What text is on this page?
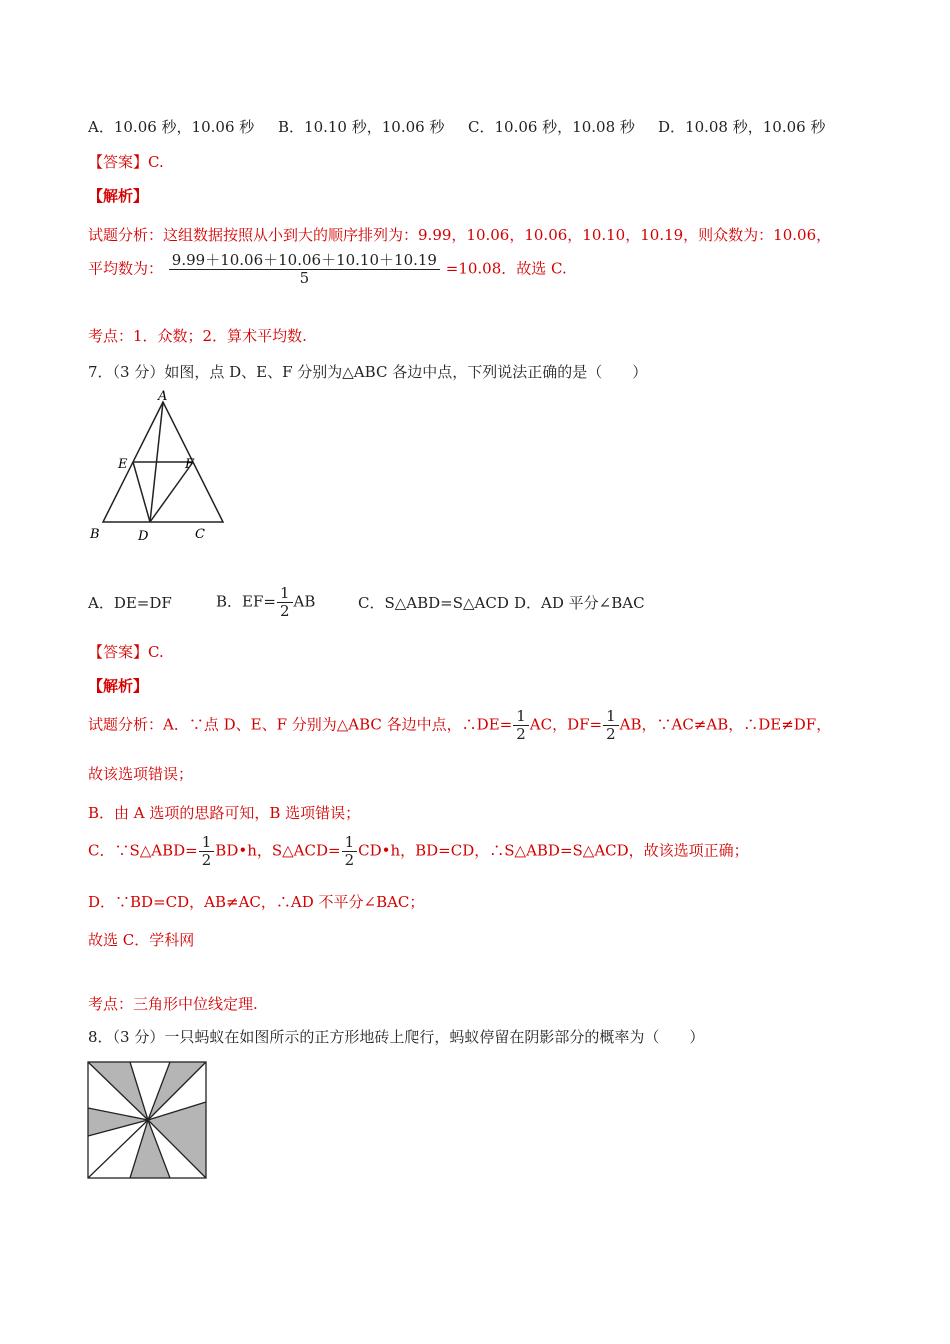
A．10.06 秒，10.06 秒 B．10.10 秒，10.06 秒 C．10.06 秒，10.08 秒 D．10.08 秒，10.06 秒
【答案】C.
【解析】
试题分析：这组数据按照从小到大的顺序排列为：9.99，10.06，10.06，10.10，10.19，则众数为：10.06，
平均数为： $\frac{9.99+10.06+10.06+10.10+10.19}{5} =10.08$．故选 C.
考点：1．众数；2．算术平均数.
7．（3 分）如图，点 D、E、F 分别为△ABC 各边中点，下列说法正确的是（　　）
A
E	F
B	D	C
A．DE=DF	B．$EF= \frac{1}{2}$ AB	C．S△ABD=S△ACD D．AD 平分∠BAC
【答案】C.
【解析】
试题分析：A．∵点 D、E、F 分别为△ABC 各边中点，∴DE= $\frac{1}{2}$ AC，$DF= \frac{1}{2}$ AB，∵AC≠AB，∴DE≠DF，
故该选项错误；
B．由 A 选项的思路可知，B 选项错误；
C．∵S△ABD= $\frac{1}{2}$ BD•h，S△ACD= $\frac{1}{2}$ CD•h，BD=CD，∴S△ABD=S△ACD，故该选项正确；
D．∵BD=CD，AB≠AC，∴AD 不平分∠BAC；
故选 C．学科网
考点：三角形中位线定理.
8．（3 分）一只蚂蚁在如图所示的正方形地砖上爬行，蚂蚁停留在阴影部分的概率为（　　）
